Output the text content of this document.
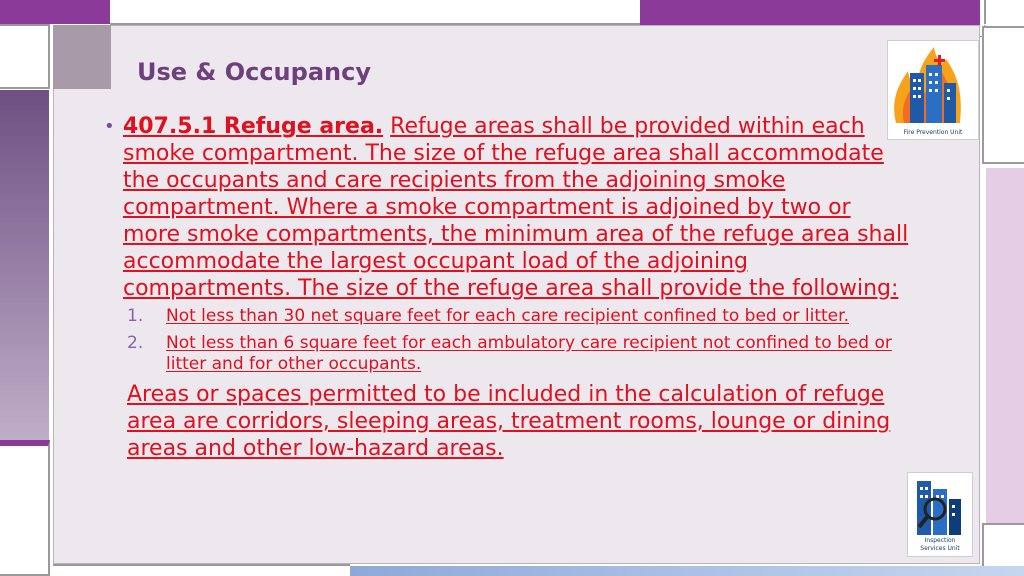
Use & Occupancy

• 407.5.1 Refuge area. Refuge areas shall be provided within each smoke compartment. The size of the refuge area shall accommodate the occupants and care recipients from the adjoining smoke compartment. Where a smoke compartment is adjoined by two or more smoke compartments, the minimum area of the refuge area shall accommodate the largest occupant load of the adjoining compartments. The size of the refuge area shall provide the following:

1. Not less than 30 net square feet for each care recipient confined to bed or litter.
2. Not less than 6 square feet for each ambulatory care recipient not confined to bed or litter and for other occupants.

Areas or spaces permitted to be included in the calculation of refuge area are corridors, sleeping areas, treatment rooms, lounge or dining areas and other low-hazard areas.

Fire Prevention Unit
Inspection
Services Unit
